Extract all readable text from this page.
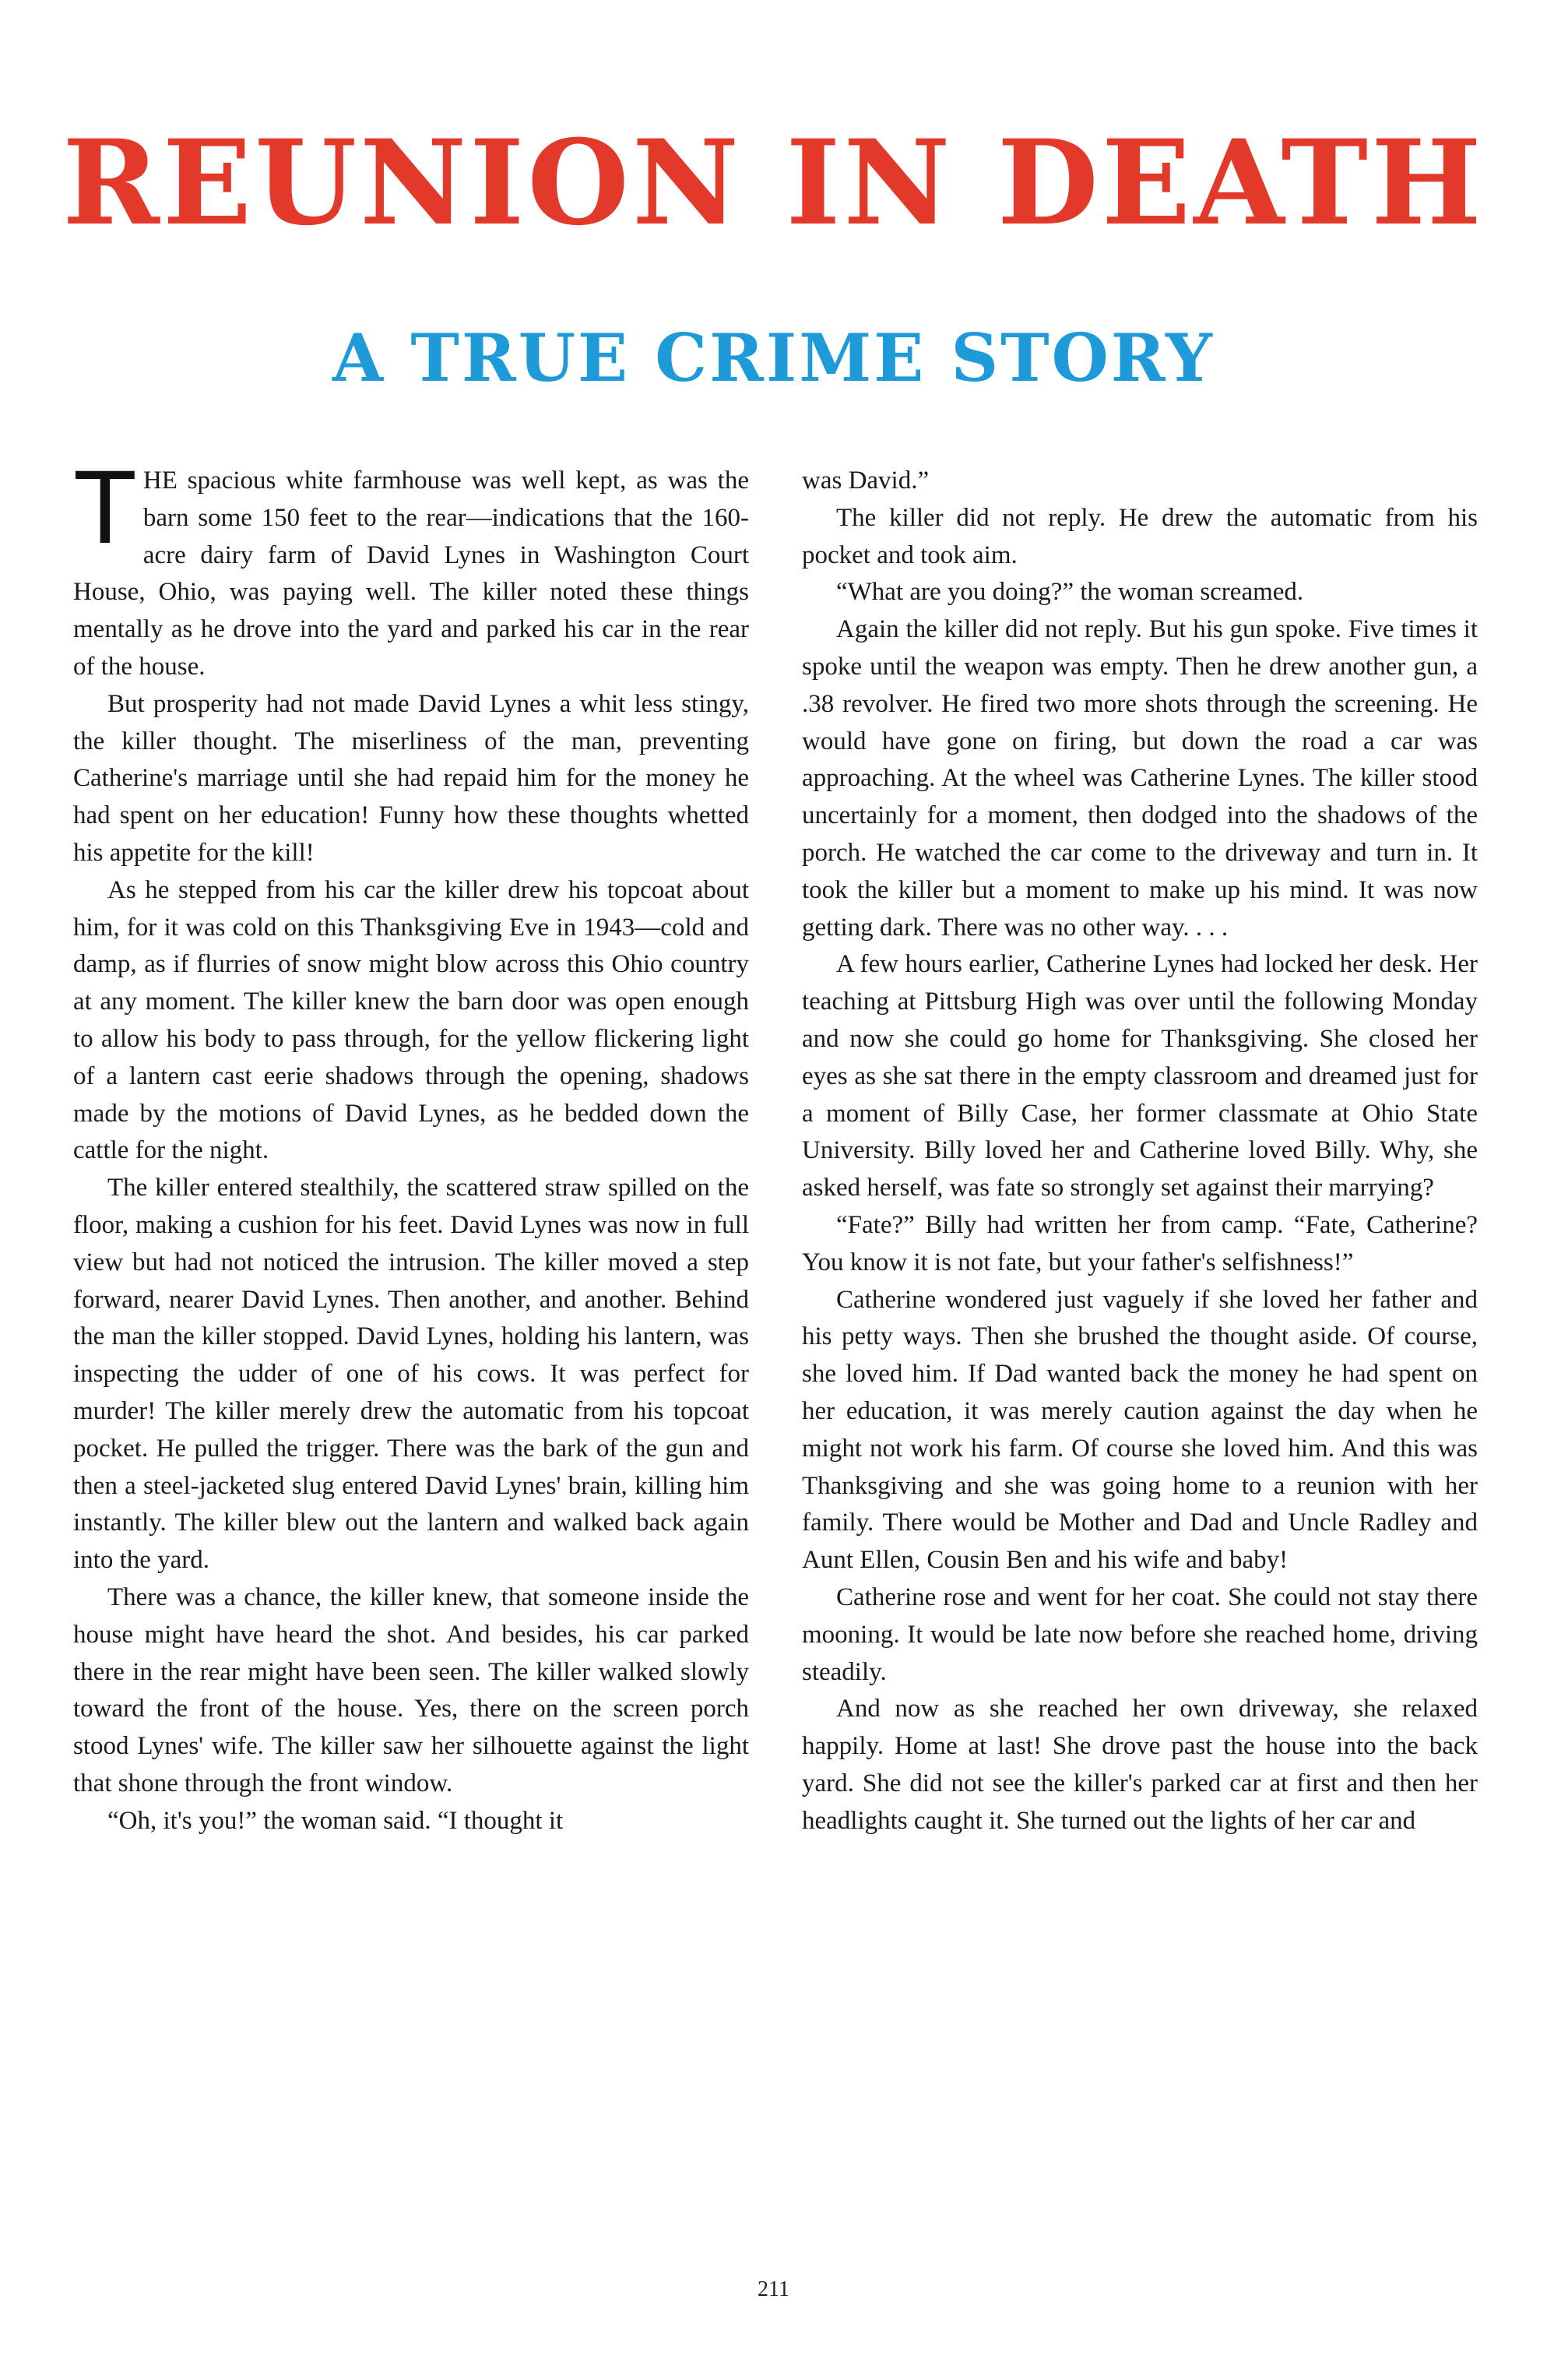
REUNION IN DEATH
A TRUE CRIME STORY

THE spacious white farmhouse was well kept, as was the barn some 150 feet to the rear—indications that the 160-acre dairy farm of David Lynes in Washington Court House, Ohio, was paying well. The killer noted these things mentally as he drove into the yard and parked his car in the rear of the house.

But prosperity had not made David Lynes a whit less stingy, the killer thought. The miserliness of the man, preventing Catherine's marriage until she had repaid him for the money he had spent on her education! Funny how these thoughts whetted his appetite for the kill!

As he stepped from his car the killer drew his topcoat about him, for it was cold on this Thanksgiving Eve in 1943—cold and damp, as if flurries of snow might blow across this Ohio country at any moment. The killer knew the barn door was open enough to allow his body to pass through, for the yellow flickering light of a lantern cast eerie shadows through the opening, shadows made by the motions of David Lynes, as he bedded down the cattle for the night.

The killer entered stealthily, the scattered straw spilled on the floor, making a cushion for his feet. David Lynes was now in full view but had not noticed the intrusion. The killer moved a step forward, nearer David Lynes. Then another, and another. Behind the man the killer stopped. David Lynes, holding his lantern, was inspecting the udder of one of his cows. It was perfect for murder! The killer merely drew the automatic from his topcoat pocket. He pulled the trigger. There was the bark of the gun and then a steel-jacketed slug entered David Lynes' brain, killing him instantly. The killer blew out the lantern and walked back again into the yard.

There was a chance, the killer knew, that someone inside the house might have heard the shot. And besides, his car parked there in the rear might have been seen. The killer walked slowly toward the front of the house. Yes, there on the screen porch stood Lynes' wife. The killer saw her silhouette against the light that shone through the front window.

“Oh, it's you!” the woman said. “I thought it

was David.”

The killer did not reply. He drew the automatic from his pocket and took aim.

“What are you doing?” the woman screamed.

Again the killer did not reply. But his gun spoke. Five times it spoke until the weapon was empty. Then he drew another gun, a .38 revolver. He fired two more shots through the screening. He would have gone on firing, but down the road a car was approaching. At the wheel was Catherine Lynes. The killer stood uncertainly for a moment, then dodged into the shadows of the porch. He watched the car come to the driveway and turn in. It took the killer but a moment to make up his mind. It was now getting dark. There was no other way. . . .

A few hours earlier, Catherine Lynes had locked her desk. Her teaching at Pittsburg High was over until the following Monday and now she could go home for Thanksgiving. She closed her eyes as she sat there in the empty classroom and dreamed just for a moment of Billy Case, her former classmate at Ohio State University. Billy loved her and Catherine loved Billy. Why, she asked herself, was fate so strongly set against their marrying?

“Fate?” Billy had written her from camp. “Fate, Catherine? You know it is not fate, but your father's selfishness!”

Catherine wondered just vaguely if she loved her father and his petty ways. Then she brushed the thought aside. Of course, she loved him. If Dad wanted back the money he had spent on her education, it was merely caution against the day when he might not work his farm. Of course she loved him. And this was Thanksgiving and she was going home to a reunion with her family. There would be Mother and Dad and Uncle Radley and Aunt Ellen, Cousin Ben and his wife and baby!

Catherine rose and went for her coat. She could not stay there mooning. It would be late now before she reached home, driving steadily.

And now as she reached her own driveway, she relaxed happily. Home at last! She drove past the house into the back yard. She did not see the killer's parked car at first and then her headlights caught it. She turned out the lights of her car and

211
